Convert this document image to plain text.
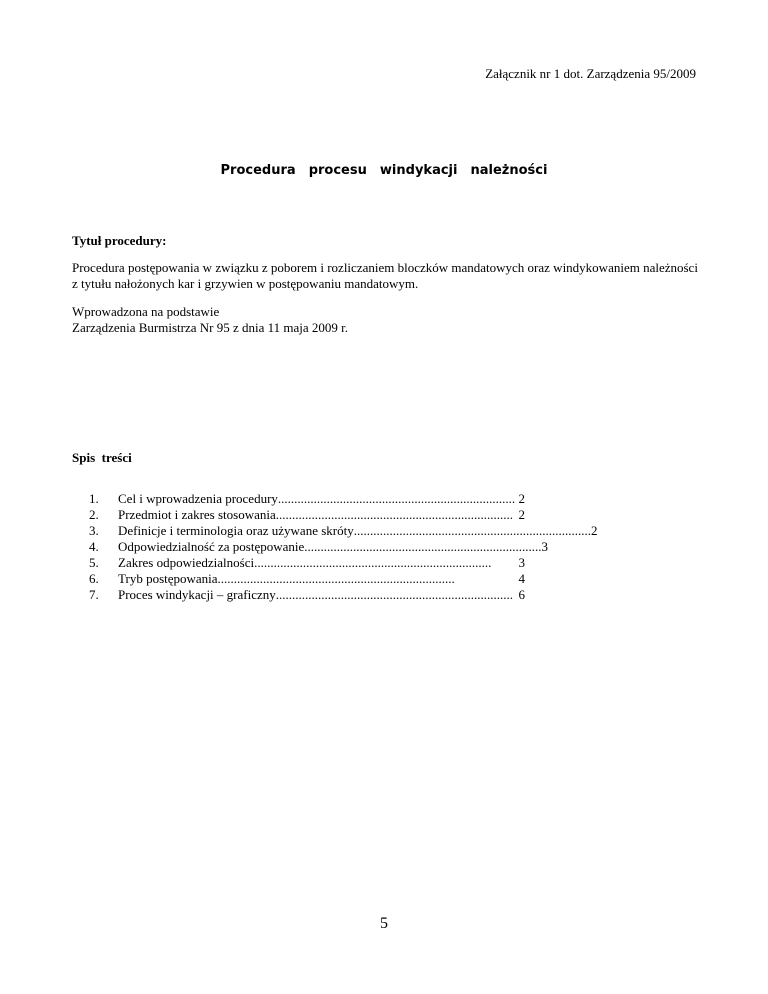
Załącznik nr 1 dot. Zarządzenia 95/2009
Procedura  procesu  windykacji  należności
Tytuł procedury:
Procedura postępowania w związku z poborem i rozliczaniem bloczków mandatowych oraz windykowaniem należności
z tytułu nałożonych kar i grzywien w postępowaniu mandatowym.
Wprowadzona na podstawie
Zarządzenia Burmistrza Nr 95 z dnia 11 maja 2009 r.
Spis  treści
1.	Cel i wprowadzenia procedury ......................................................................... 2
2.	Przedmiot i zakres stosowania ......................................................................... 2
3.	Definicje i terminologia oraz używane skróty ......................................................................... 2
4.	Odpowiedzialność za postępowanie ......................................................................... 3
5.	Zakres odpowiedzialności .........................................................................	3
6.	Tryb postępowania .........................................................................	4
7.	Proces windykacji – graficzny ......................................................................... 6
5
